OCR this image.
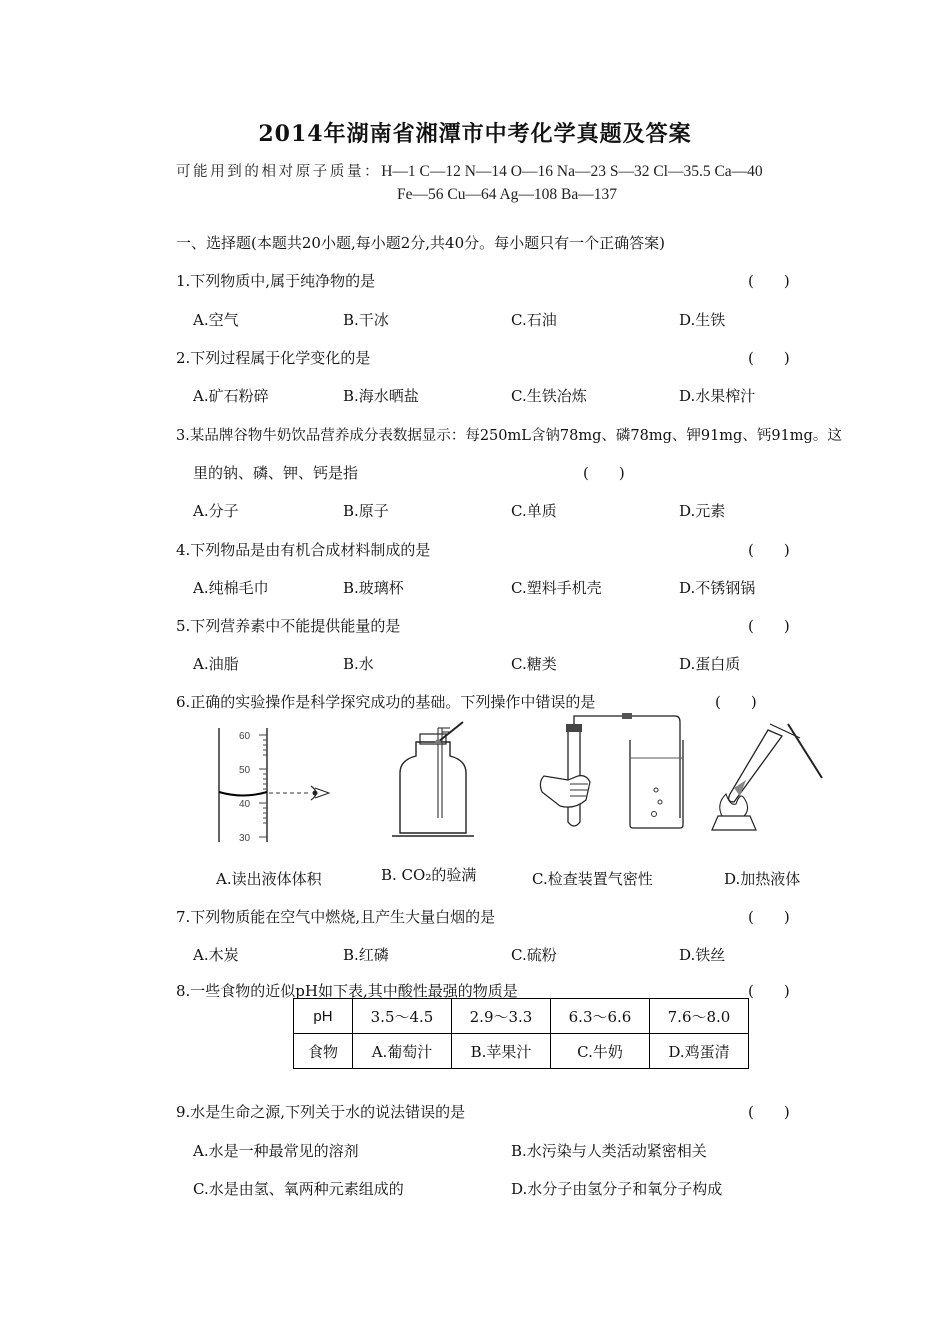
2014年湖南省湘潭市中考化学真题及答案
可能用到的相对原子质量：H—1 C—12 N—14 O—16 Na—23 S—32 Cl—35.5 Ca—40
Fe—56 Cu—64 Ag—108 Ba—137
一、选择题(本题共20小题,每小题2分,共40分。每小题只有一个正确答案)
1.下列物质中,属于纯净物的是	(　　)
A.空气	B.干冰	C.石油	D.生铁
2.下列过程属于化学变化的是	(　　)
A.矿石粉碎	B.海水晒盐	C.生铁冶炼	D.水果榨汁
3.某品牌谷物牛奶饮品营养成分表数据显示：每250mL含钠78mg、磷78mg、钾91mg、钙91mg。这
里的钠、磷、钾、钙是指	(　　)
A.分子	B.原子	C.单质	D.元素
4.下列物品是由有机合成材料制成的是	(　　)
A.纯棉毛巾	B.玻璃杯	C.塑料手机壳	D.不锈钢锅
5.下列营养素中不能提供能量的是	(　　)
A.油脂	B.水	C.糖类	D.蛋白质
6.正确的实验操作是科学探究成功的基础。下列操作中错误的是	(　　)
60
50
40
30
B. CO₂的验满
A.读出液体体积	C.检查装置气密性	D.加热液体
7.下列物质能在空气中燃烧,且产生大量白烟的是	(　　)
A.木炭	B.红磷	C.硫粉	D.铁丝
8.一些食物的近似pH如下表,其中酸性最强的物质是	(　　)
pH	3.5～4.5	2.9～3.3	6.3～6.6	7.6～8.0
食物	A.葡萄汁	B.苹果汁	C.牛奶	D.鸡蛋清
9.水是生命之源,下列关于水的说法错误的是	(　　)
A.水是一种最常见的溶剂	B.水污染与人类活动紧密相关
C.水是由氢、氧两种元素组成的	D.水分子由氢分子和氧分子构成
